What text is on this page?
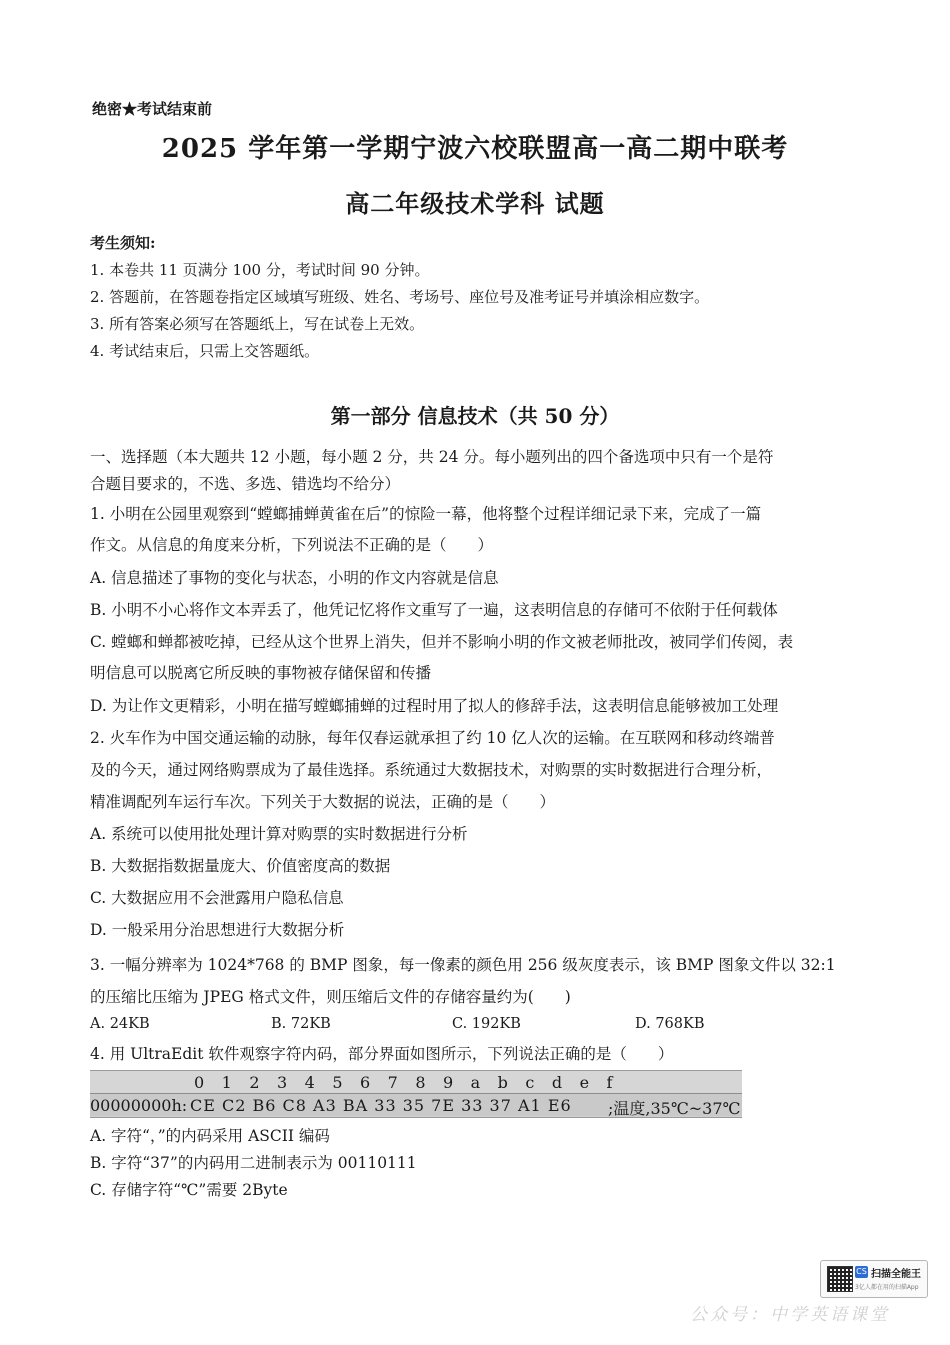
绝密★考试结束前
2025 学年第一学期宁波六校联盟高一高二期中联考
高二年级技术学科 试题
考生须知:
1. 本卷共 11 页满分 100 分，考试时间 90 分钟。
2. 答题前，在答题卷指定区域填写班级、姓名、考场号、座位号及准考证号并填涂相应数字。
3. 所有答案必须写在答题纸上，写在试卷上无效。
4. 考试结束后，只需上交答题纸。
第一部分 信息技术（共 50 分）
一、选择题（本大题共 12 小题，每小题 2 分，共 24 分。每小题列出的四个备选项中只有一个是符
合题目要求的，不选、多选、错选均不给分）
1. 小明在公园里观察到“螳螂捕蝉黄雀在后”的惊险一幕，他将整个过程详细记录下来，完成了一篇
作文。从信息的角度来分析，下列说法不正确的是（　　）
A. 信息描述了事物的变化与状态，小明的作文内容就是信息
B. 小明不小心将作文本弄丢了，他凭记忆将作文重写了一遍，这表明信息的存储可不依附于任何载体
C. 螳螂和蝉都被吃掉，已经从这个世界上消失，但并不影响小明的作文被老师批改，被同学们传阅，表
明信息可以脱离它所反映的事物被存储保留和传播
D. 为让作文更精彩，小明在描写螳螂捕蝉的过程时用了拟人的修辞手法，这表明信息能够被加工处理
2. 火车作为中国交通运输的动脉，每年仅春运就承担了约 10 亿人次的运输。在互联网和移动终端普
及的今天，通过网络购票成为了最佳选择。系统通过大数据技术，对购票的实时数据进行合理分析，
精准调配列车运行车次。下列关于大数据的说法，正确的是（　　）
A. 系统可以使用批处理计算对购票的实时数据进行分析
B. 大数据指数据量庞大、价值密度高的数据
C. 大数据应用不会泄露用户隐私信息
D. 一般采用分治思想进行大数据分析
3. 一幅分辨率为 1024*768 的 BMP 图象，每一像素的颜色用 256 级灰度表示，该 BMP 图象文件以 32:1
的压缩比压缩为 JPEG 格式文件，则压缩后文件的存储容量约为(　　)
A. 24KB	B. 72KB	C. 192KB	D. 768KB
4. 用 UltraEdit 软件观察字符内码，部分界面如图所示，下列说法正确的是（　　）
0 1 2 3 4 5 6 7 8 9 a b c d e f
00000000h: CE C2 B6 C8 A3 BA 33 35 7E 33 37 A1 E6 ;温度,35℃~37℃
A. 字符“，”的内码采用 ASCII 编码
B. 字符“37”的内码用二进制表示为 00110111
C. 存储字符“℃”需要 2Byte
CS 扫描全能王
3亿人都在用的扫描App
公众号：中学英语课堂
